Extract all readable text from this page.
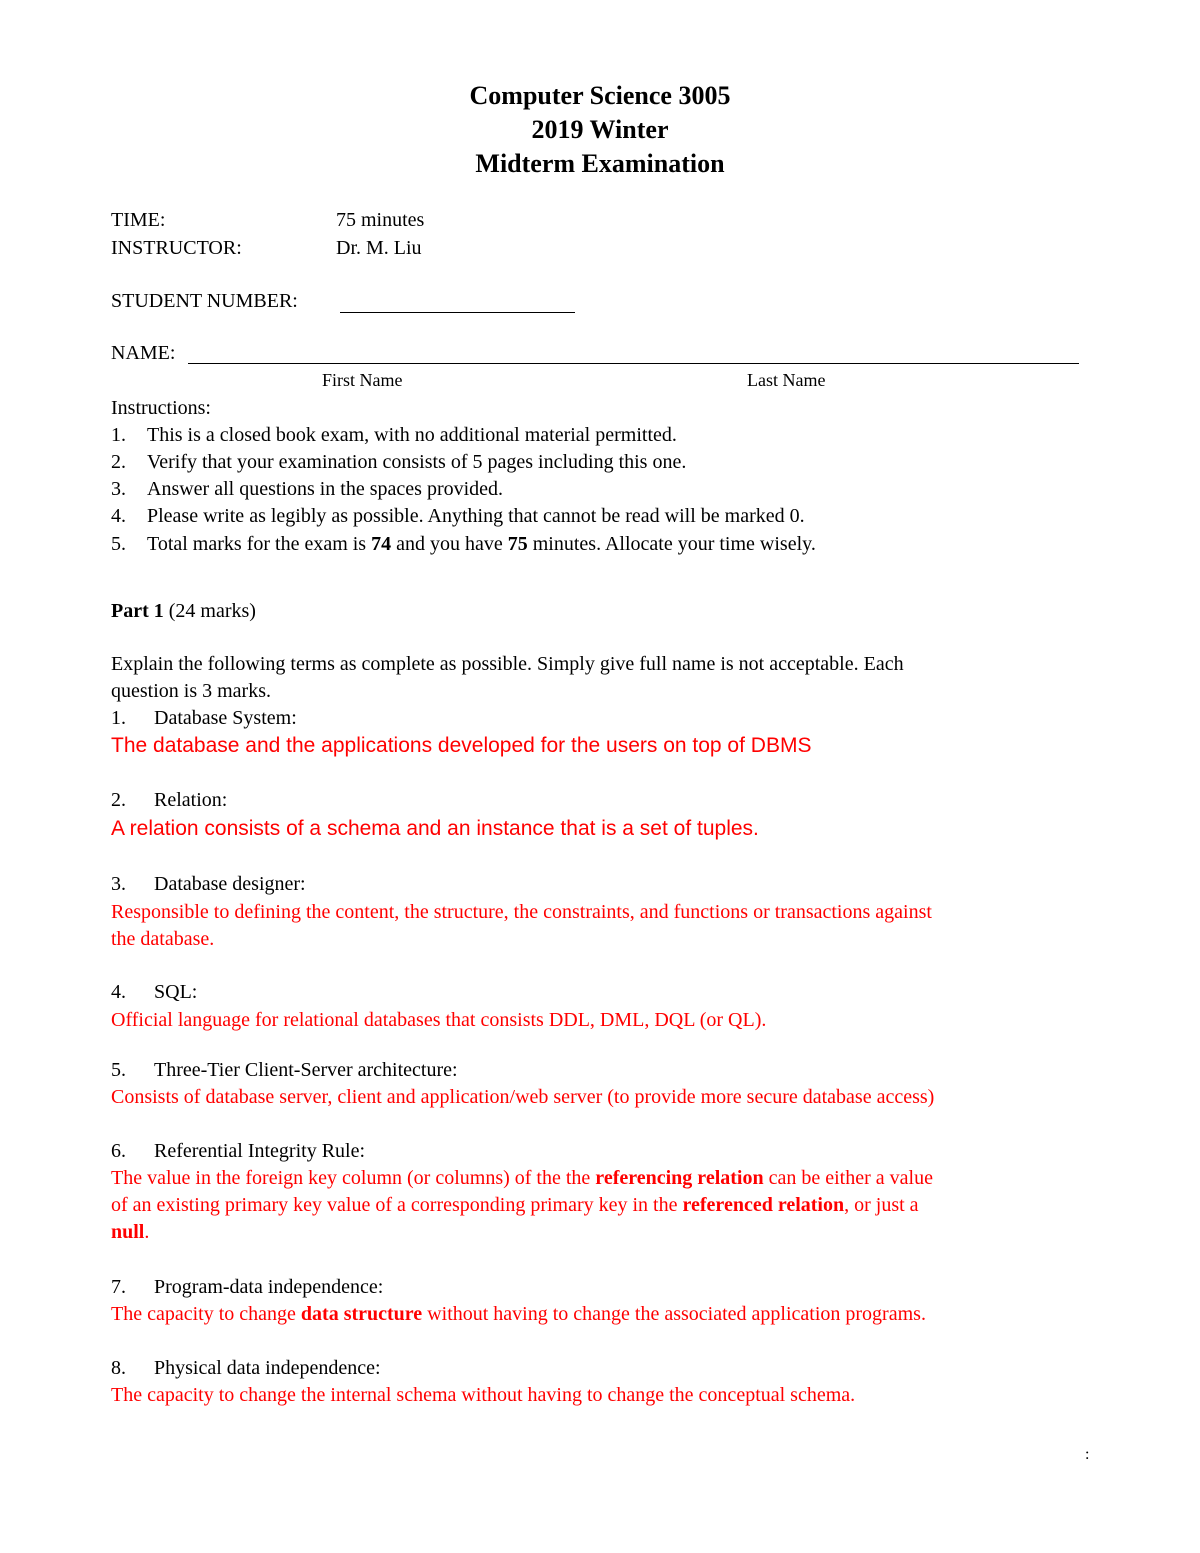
Computer Science 3005
2019 Winter
Midterm Examination
TIME:	75 minutes
INSTRUCTOR:	Dr. M. Liu
STUDENT NUMBER:
NAME:
First Name	Last Name
Instructions:
1. This is a closed book exam, with no additional material permitted.
2. Verify that your examination consists of 5 pages including this one.
3. Answer all questions in the spaces provided.
4. Please write as legibly as possible. Anything that cannot be read will be marked 0.
5. Total marks for the exam is 74 and you have 75 minutes. Allocate your time wisely.
Part 1 (24 marks)
Explain the following terms as complete as possible. Simply give full name is not acceptable. Each
question is 3 marks.
1. Database System:
The database and the applications developed for the users on top of DBMS
2. Relation:
A relation consists of a schema and an instance that is a set of tuples.
3. Database designer:
Responsible to defining the content, the structure, the constraints, and functions or transactions against
the database.
4. SQL:
Official language for relational databases that consists DDL, DML, DQL (or QL).
5. Three-Tier Client-Server architecture:
Consists of database server, client and application/web server (to provide more secure database access)
6. Referential Integrity Rule:
The value in the foreign key column (or columns) of the the referencing relation can be either a value
of an existing primary key value of a corresponding primary key in the referenced relation, or just a
null.
7. Program-data independence:
The capacity to change data structure without having to change the associated application programs.
8. Physical data independence:
The capacity to change the internal schema without having to change the conceptual schema.
:
